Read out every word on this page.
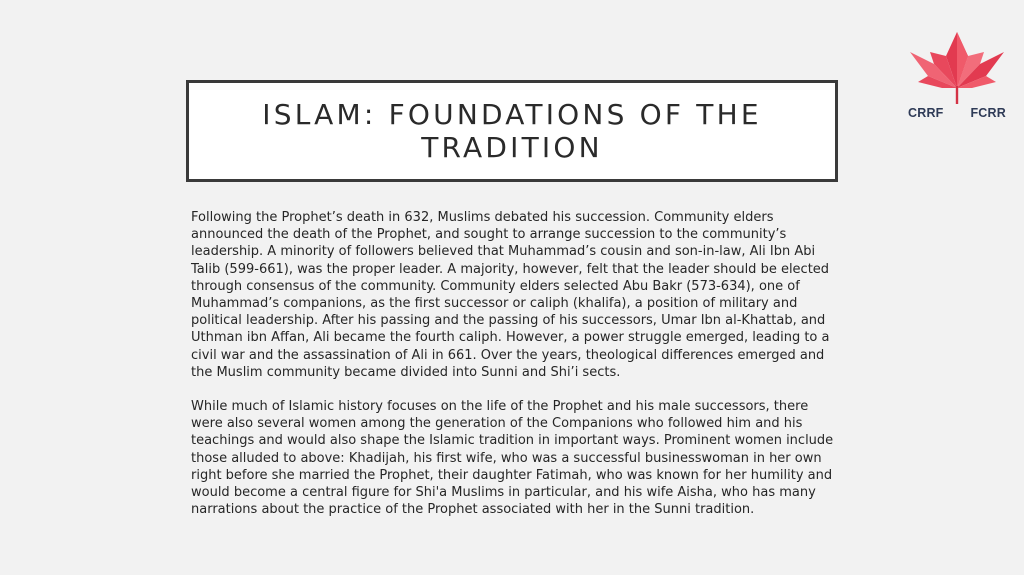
ISLAM: FOUNDATIONS OF THE TRADITION

Following the Prophet’s death in 632, Muslims debated his succession. Community elders announced the death of the Prophet, and sought to arrange succession to the community’s leadership. A minority of followers believed that Muhammad’s cousin and son-in-law, Ali Ibn Abi Talib (599-661), was the proper leader. A majority, however, felt that the leader should be elected through consensus of the community. Community elders selected Abu Bakr (573-634), one of Muhammad’s companions, as the first successor or caliph (khalifa), a position of military and political leadership. After his passing and the passing of his successors, Umar Ibn al-Khattab, and Uthman ibn Affan, Ali became the fourth caliph. However, a power struggle emerged, leading to a civil war and the assassination of Ali in 661. Over the years, theological differences emerged and the Muslim community became divided into Sunni and Shi’i sects.

While much of Islamic history focuses on the life of the Prophet and his male successors, there were also several women among the generation of the Companions who followed him and his teachings and would also shape the Islamic tradition in important ways. Prominent women include those alluded to above: Khadijah, his first wife, who was a successful businesswoman in her own right before she married the Prophet, their daughter Fatimah, who was known for her humility and would become a central figure for Shi'a Muslims in particular, and his wife Aisha, who has many narrations about the practice of the Prophet associated with her in the Sunni tradition.

CRRF FCRR
